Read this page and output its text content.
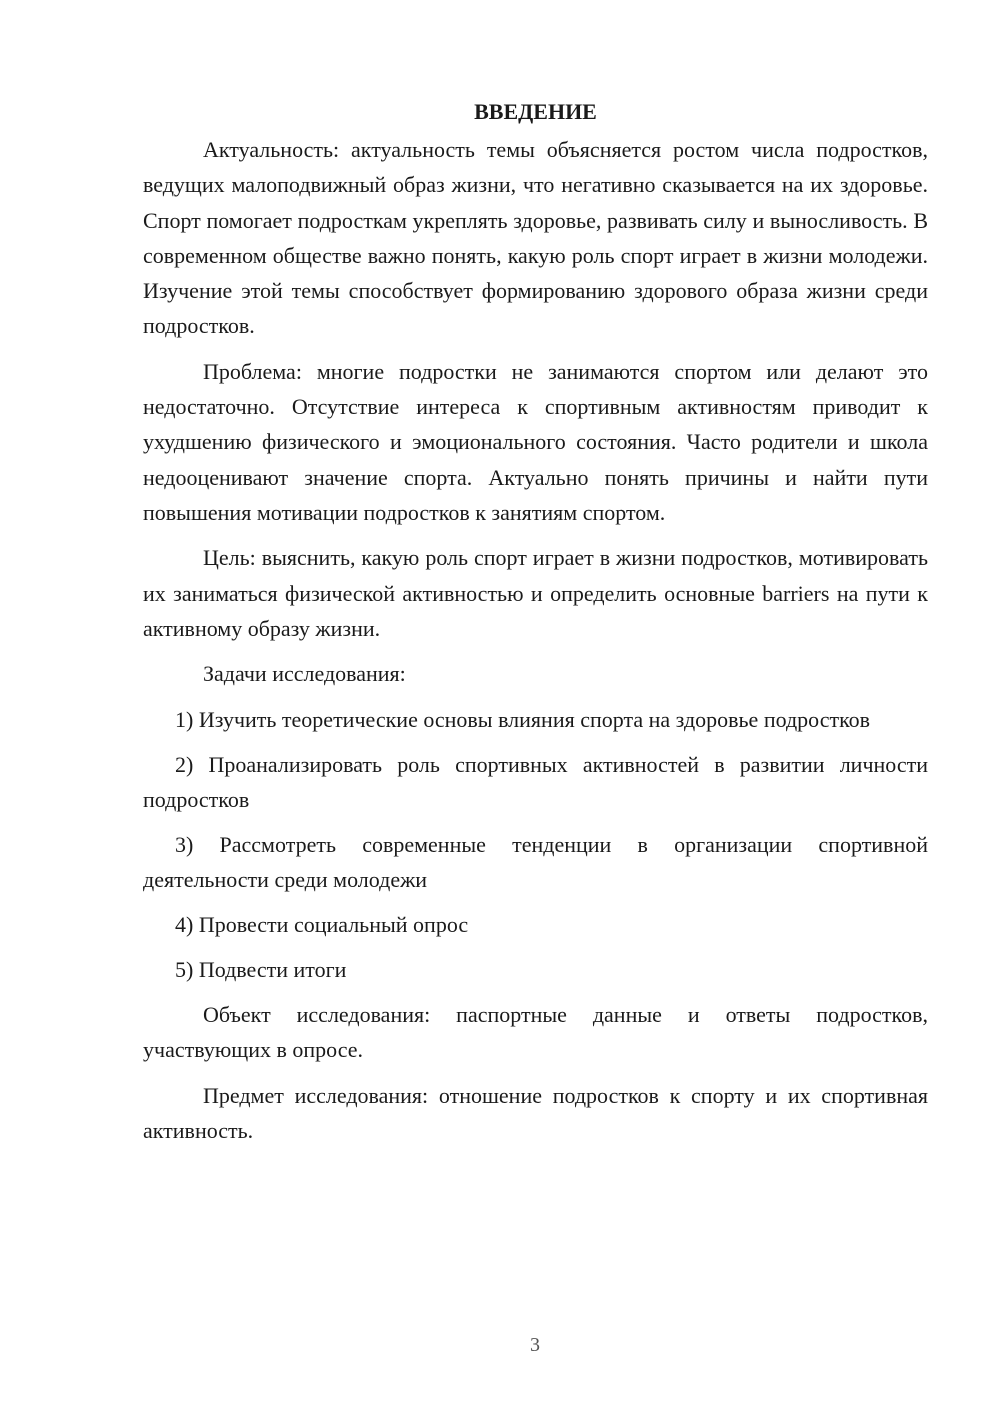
ВВЕДЕНИЕ

Актуальность: актуальность темы объясняется ростом числа подростков, ведущих малоподвижный образ жизни, что негативно сказывается на их здоровье. Спорт помогает подросткам укреплять здоровье, развивать силу и выносливость. В современном обществе важно понять, какую роль спорт играет в жизни молодежи. Изучение этой темы способствует формированию здорового образа жизни среди подростков.

Проблема: многие подростки не занимаются спортом или делают это недостаточно. Отсутствие интереса к спортивным активностям приводит к ухудшению физического и эмоционального состояния. Часто родители и школа недооценивают значение спорта. Актуально понять причины и найти пути повышения мотивации подростков к занятиям спортом.

Цель: выяснить, какую роль спорт играет в жизни подростков, мотивировать их заниматься физической активностью и определить основные barriers на пути к активному образу жизни.

Задачи исследования:

1) Изучить теоретические основы влияния спорта на здоровье подростков

2) Проанализировать роль спортивных активностей в развитии личности подростков

3) Рассмотреть современные тенденции в организации спортивной деятельности среди молодежи

4) Провести социальный опрос

5) Подвести итоги

Объект исследования: паспортные данные и ответы подростков, участвующих в опросе.

Предмет исследования: отношение подростков к спорту и их спортивная активность.

3
